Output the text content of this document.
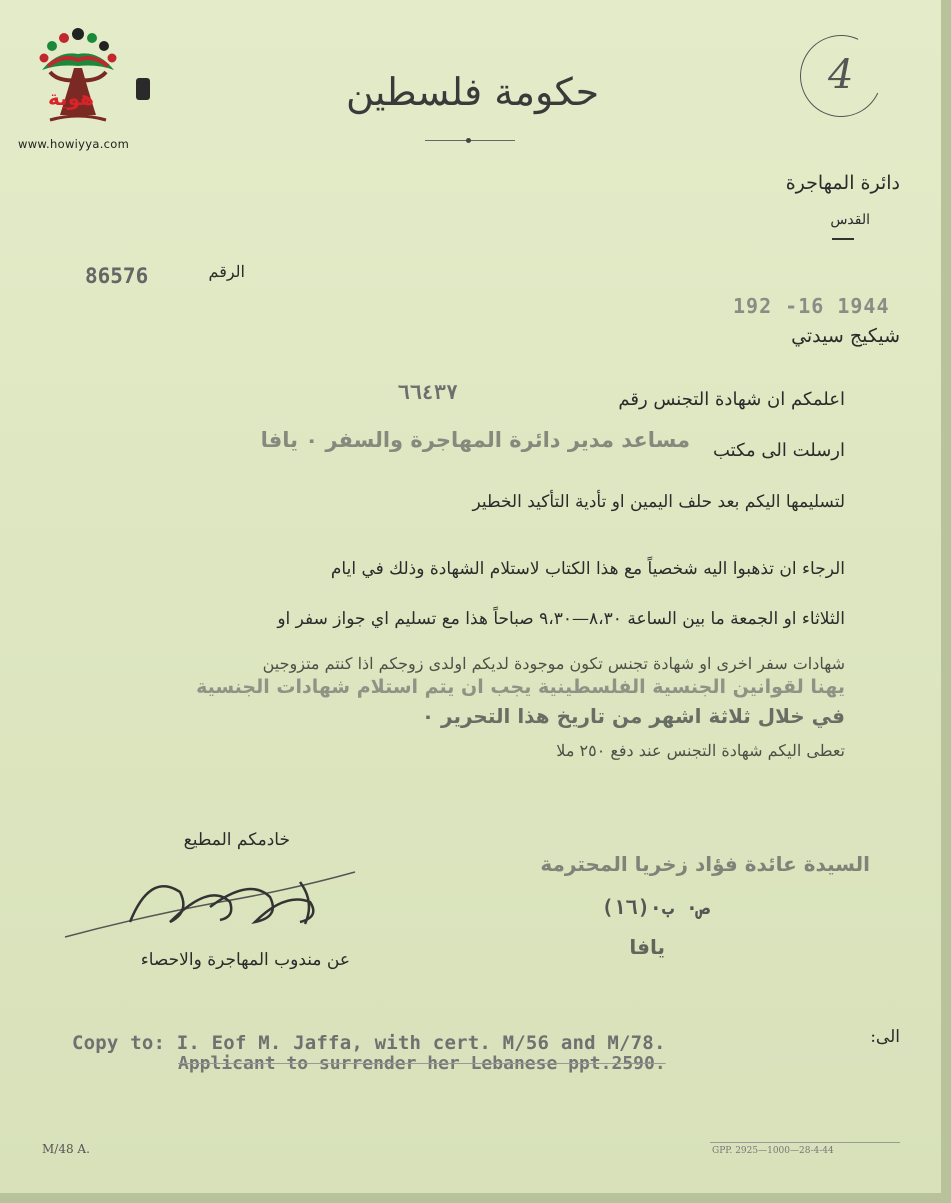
هوية
www.howiyya.com
حكومة فلسطين	4
دائرة المهاجرة
القدس
الرقم
86576
192 -16 1944
شيكيج سيدتي
اعلمكم ان شهادة التجنس رقم
٦٦٤٣٧
ارسلت الى مكتب
مساعد مدير دائرة المهاجرة والسفر ٠ يافا
لتسليمها اليكم بعد حلف اليمين او تأدية التأكيد الخطير
الرجاء ان تذهبوا اليه شخصياً مع هذا الكتاب لاستلام الشهادة وذلك في ايام
الثلاثاء او الجمعة ما بين الساعة ٨،٣٠—٩،٣٠ صباحاً هذا مع تسليم اي جواز سفر او
شهادات سفر اخرى او شهادة تجنس تكون موجودة لديكم اولدى زوجكم اذا كنتم متزوجين
يهنا لقوانين الجنسية الفلسطينية يجب ان يتم استلام شهادات الجنسية
في خلال ثلاثة اشهر من تاريخ هذا التحرير ٠
تعطى اليكم شهادة التجنس عند دفع ٢٥٠ ملا
خادمكم المطيع
عن مندوب المهاجرة والاحصاء
السيدة عائدة فؤاد زخريا المحترمة
ص٠ ب٠(١٦)
يافا
الى:
Copy to: I. Eof M. Jaffa, with cert. M/56 and M/78.
Applicant to surrender her Lebanese ppt.2590.
M/48 A.	GPP. 2925—1000—28-4-44
